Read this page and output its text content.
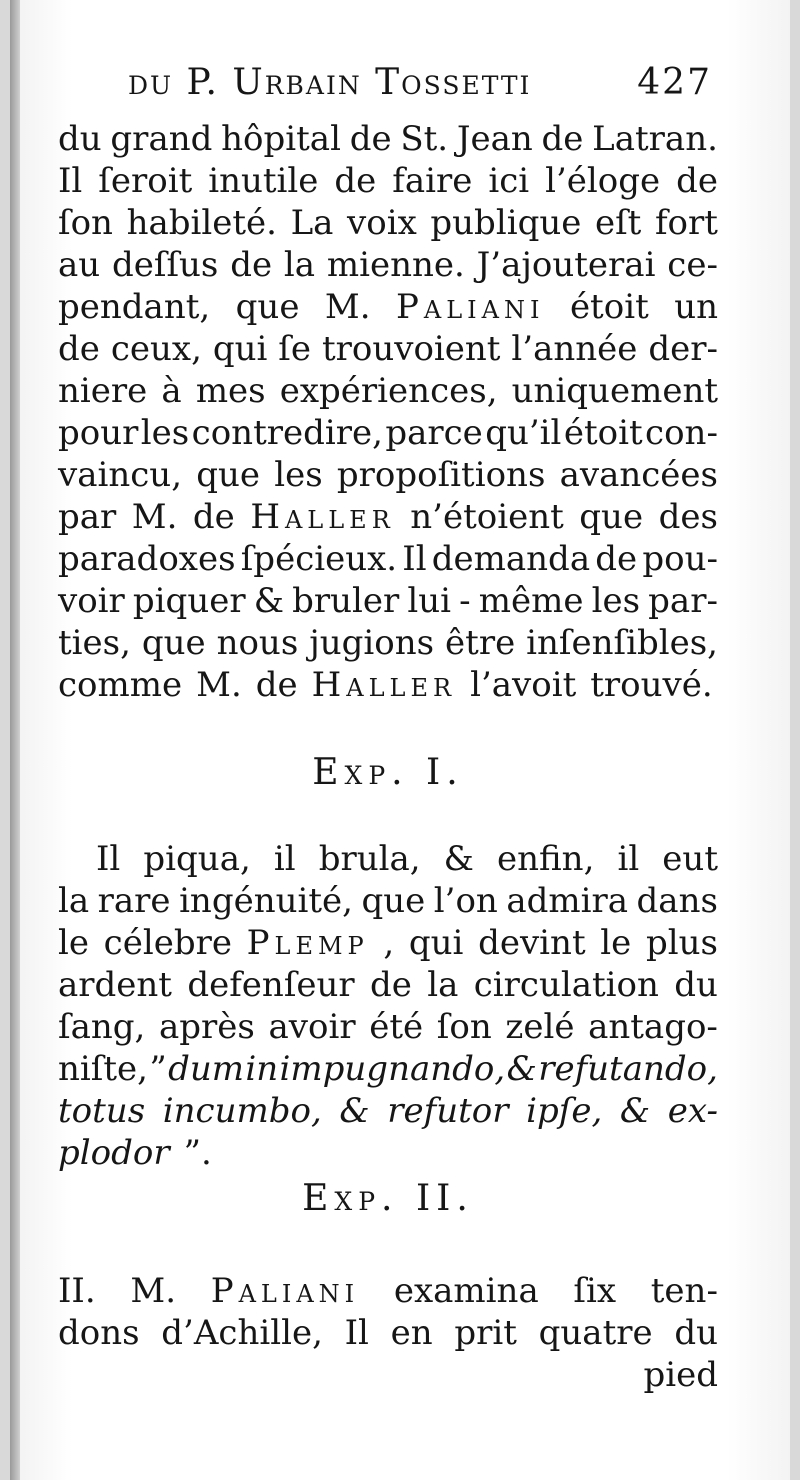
du P. Urbain Tossetti	427
du grand hôpital de St. Jean de Latran.
Il ſeroit inutile de faire ici l’éloge de
ſon habileté. La voix publique eſt fort
au deſſus de la mienne. J’ajouterai ce-
pendant, que M. Paliani étoit un
de ceux, qui ſe trouvoient l’année der-
niere à mes expériences, uniquement
pour les contredire, parce qu’il étoit con-
vaincu, que les propoſitions avancées
par M. de Haller n’étoient que des
paradoxes ſpécieux. Il demanda de pou-
voir piquer & bruler lui - même les par-
ties, que nous jugions être inſenſibles,
comme M. de Haller l’avoit trouvé.
Exp. I.
Il piqua, il brula, & enfin, il eut
la rare ingénuité, que l’on admira dans
le célebre Plemp , qui devint le plus
ardent defenſeur de la circulation du
ſang, après avoir été ſon zelé antago-
niſte, ” dum in impugnando, & refutando,
totus incumbo, & refutor ipſe, & ex-
plodor ”.
Exp. II.
II. M. Paliani examina ſix ten-
dons d’Achille, Il en prit quatre du
pied
